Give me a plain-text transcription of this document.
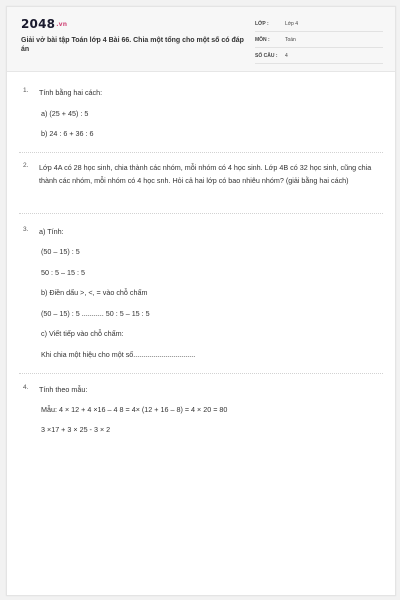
2048.vn
Giải vở bài tập Toán lớp 4 Bài 66. Chia một tổng cho một số có đáp án
LỚP :	Lớp 4
MÔN :	Toán
SỐ CÂU : 4
1. Tính bằng hai cách:
a) (25 + 45) : 5
b) 24 : 6 + 36 : 6
2. Lớp 4A có 28 học sinh, chia thành các nhóm, mỗi nhóm có 4 học sinh. Lớp 4B có 32 học sinh, cũng chia thành các nhóm, mỗi nhóm có 4 học snh. Hỏi cả hai lớp có bao nhiêu nhóm? (giải bằng hai cách)
3. a) Tính:
(50 – 15) : 5
50 : 5 – 15 : 5
b) Điền dấu >, <, = vào chỗ chấm
(50 – 15) : 5 ........... 50 : 5 – 15 : 5
c) Viết tiếp vào chỗ chấm:
Khi chia một hiệu cho một số...............................
4. Tính theo mẫu:
Mẫu: 4 × 12 + 4 ×16 – 4 8 = 4× (12 + 16 – 8) = 4 × 20 = 80
3 ×17 + 3 × 25 - 3 × 2
